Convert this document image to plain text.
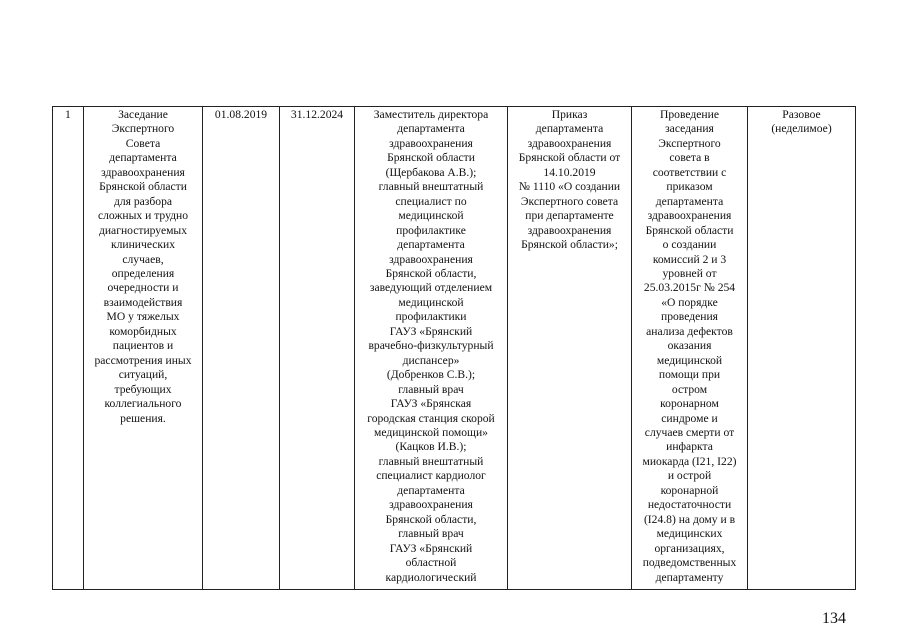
1	Заседание
Экспертного
Совета
департамента
здравоохранения
Брянской области
для разбора
сложных и трудно
диагностируемых
клинических
случаев,
определения
очередности и
взаимодействия
МО у тяжелых
коморбидных
пациентов и
рассмотрения иных
ситуаций,
требующих
коллегиального
решения.	01.08.2019	31.12.2024	Заместитель директора
департамента
здравоохранения
Брянской области
(Щербакова А.В.);
главный внештатный
специалист по
медицинской
профилактике
департамента
здравоохранения
Брянской области,
заведующий отделением
медицинской
профилактики
ГАУЗ «Брянский
врачебно-физкультурный
диспансер»
(Добренков С.В.);
главный врач
ГАУЗ «Брянская
городская станция скорой
медицинской помощи»
(Кацков И.В.);
главный внештатный
специалист кардиолог
департамента
здравоохранения
Брянской области,
главный врач
ГАУЗ «Брянский
областной
кардиологический	Приказ
департамента
здравоохранения
Брянской области от
14.10.2019
№ 1110 «О создании
Экспертного совета
при департаменте
здравоохранения
Брянской области»;	Проведение
заседания
Экспертного
совета в
соответствии с
приказом
департамента
здравоохранения
Брянской области
о создании
комиссий 2 и 3
уровней от
25.03.2015г № 254
«О порядке
проведения
анализа дефектов
оказания
медицинской
помощи при
остром
коронарном
синдроме и
случаев смерти от
инфаркта
миокарда (I21, I22)
и острой
коронарной
недостаточности
(I24.8) на дому и в
медицинских
организациях,
подведомственных
департаменту	Разовое
(неделимое)
134
